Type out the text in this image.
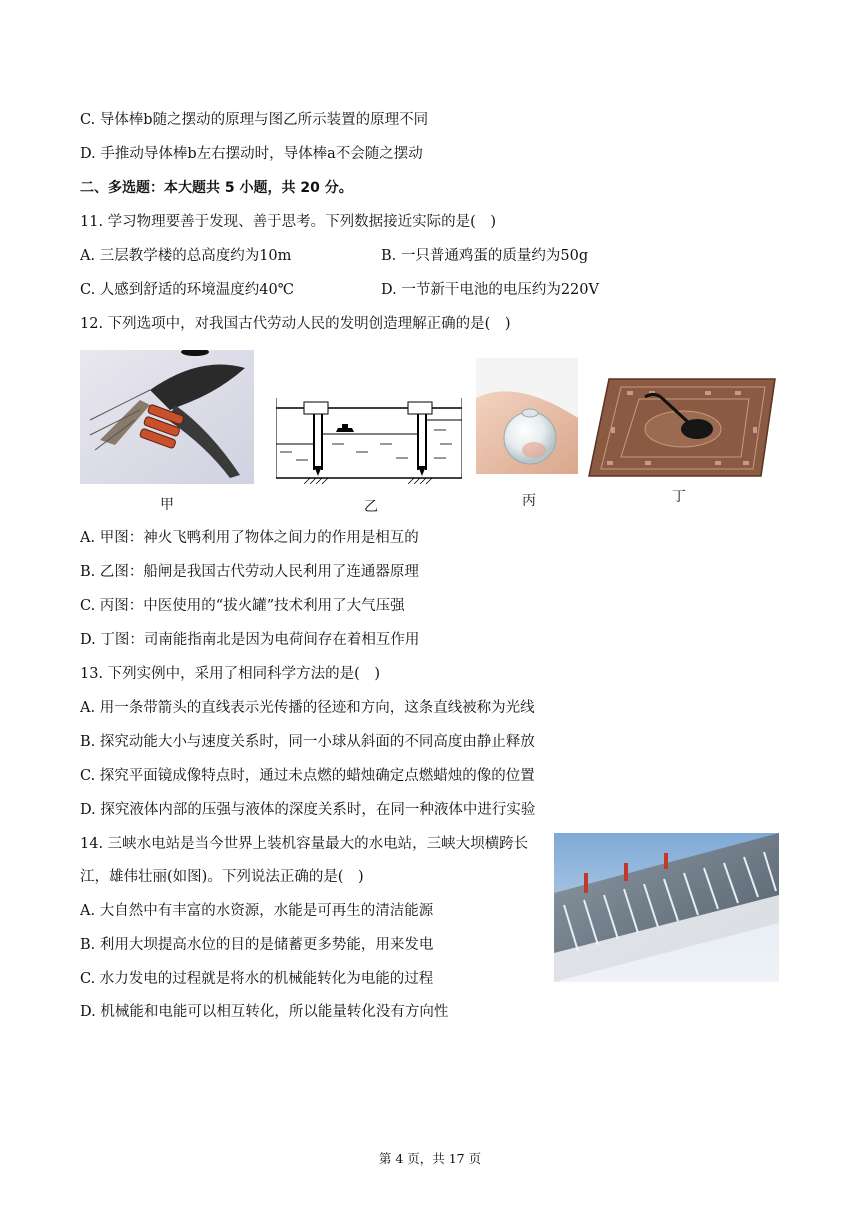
C. 导体棒b随之摆动的原理与图乙所示装置的原理不同
D. 手推动导体棒b左右摆动时，导体棒a不会随之摆动
二、多选题：本大题共 5 小题，共 20 分。
11. 学习物理要善于发现、善于思考。下列数据接近实际的是(　)
A. 三层教学楼的总高度约为10m	B. 一只普通鸡蛋的质量约为50g
C. 人感到舒适的环境温度约40℃	D. 一节新干电池的电压约为220V
12. 下列选项中，对我国古代劳动人民的发明创造理解正确的是(　)
甲	乙	丙	丁
A. 甲图：神火飞鸭利用了物体之间力的作用是相互的
B. 乙图：船闸是我国古代劳动人民利用了连通器原理
C. 丙图：中医使用的“拔火罐”技术利用了大气压强
D. 丁图：司南能指南北是因为电荷间存在着相互作用
13. 下列实例中，采用了相同科学方法的是(　)
A. 用一条带箭头的直线表示光传播的径迹和方向，这条直线被称为光线
B. 探究动能大小与速度关系时，同一小球从斜面的不同高度由静止释放
C. 探究平面镜成像特点时，通过未点燃的蜡烛确定点燃蜡烛的像的位置
D. 探究液体内部的压强与液体的深度关系时，在同一种液体中进行实验
14. 三峡水电站是当今世界上装机容量最大的水电站，三峡大坝横跨长
江，雄伟壮丽(如图)。下列说法正确的是(　)
A. 大自然中有丰富的水资源，水能是可再生的清洁能源
B. 利用大坝提高水位的目的是储蓄更多势能，用来发电
C. 水力发电的过程就是将水的机械能转化为电能的过程
D. 机械能和电能可以相互转化，所以能量转化没有方向性
第 4 页，共 17 页
